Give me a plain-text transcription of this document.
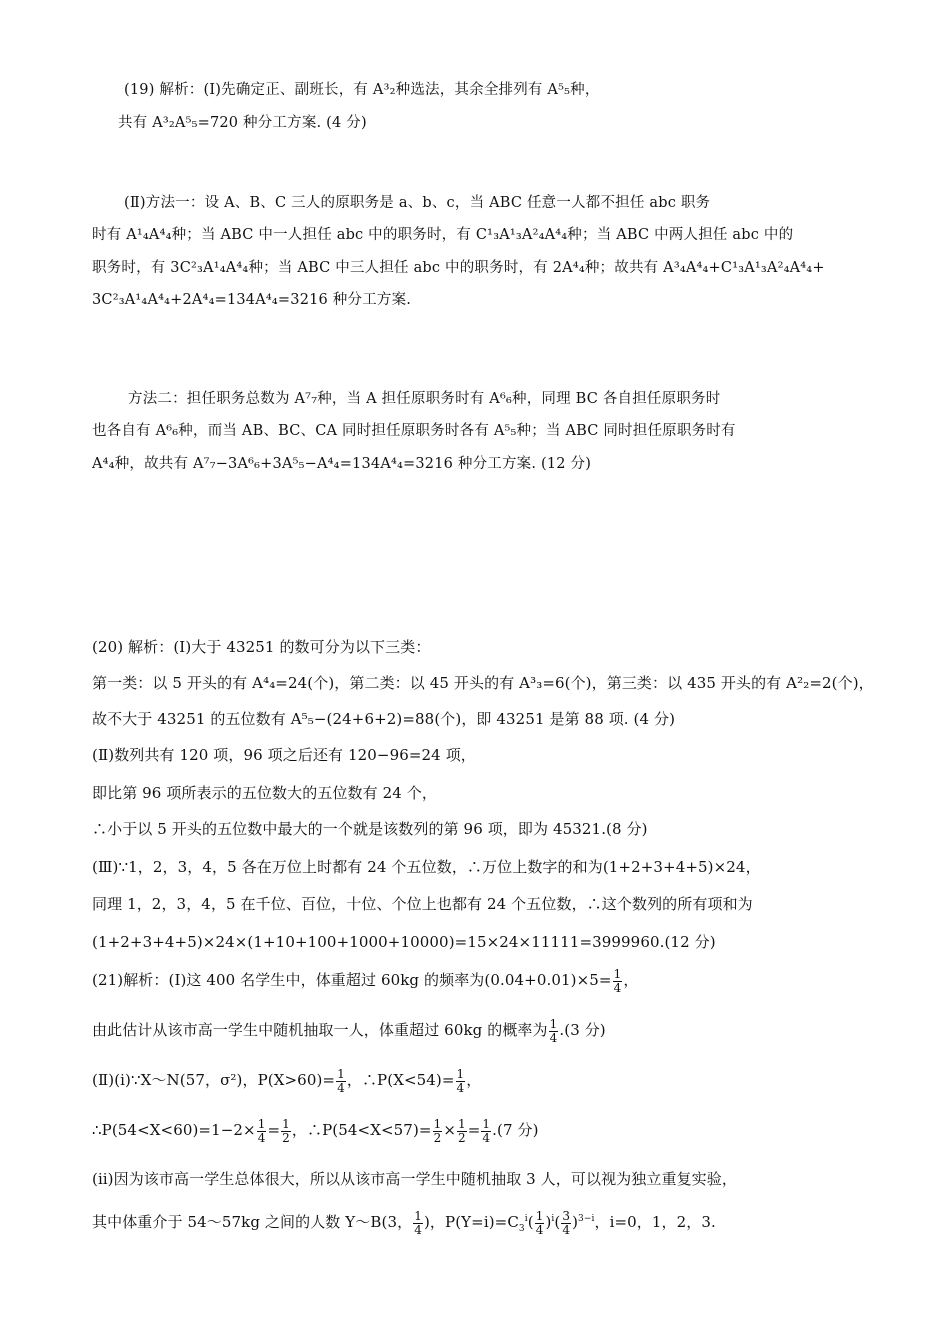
(19) 解析：(Ⅰ)先确定正、副班长，有 A³₂种选法，其余全排列有 A⁵₅种，
共有 A³₂A⁵₅=720 种分工方案. (4 分)
(Ⅱ)方法一：设 A、B、C 三人的原职务是 a、b、c，当 ABC 任意一人都不担任 abc 职务
时有 A¹₄A⁴₄种；当 ABC 中一人担任 abc 中的职务时，有 C¹₃A¹₃A²₄A⁴₄种；当 ABC 中两人担任 abc 中的
职务时，有 3C²₃A¹₄A⁴₄种；当 ABC 中三人担任 abc 中的职务时，有 2A⁴₄种；故共有 A³₄A⁴₄+C¹₃A¹₃A²₄A⁴₄+
3C²₃A¹₄A⁴₄+2A⁴₄=134A⁴₄=3216 种分工方案.
方法二：担任职务总数为 A⁷₇种，当 A 担任原职务时有 A⁶₆种，同理 BC 各自担任原职务时
也各自有 A⁶₆种，而当 AB、BC、CA 同时担任原职务时各有 A⁵₅种；当 ABC 同时担任原职务时有
A⁴₄种，故共有 A⁷₇−3A⁶₆+3A⁵₅−A⁴₄=134A⁴₄=3216 种分工方案. (12 分)
(20) 解析：(Ⅰ)大于 43251 的数可分为以下三类：
第一类：以 5 开头的有 A⁴₄=24(个)，第二类：以 45 开头的有 A³₃=6(个)，第三类：以 435 开头的有 A²₂=2(个)，
故不大于 43251 的五位数有 A⁵₅−(24+6+2)=88(个)，即 43251 是第 88 项. (4 分)
(Ⅱ)数列共有 120 项，96 项之后还有 120−96=24 项，
即比第 96 项所表示的五位数大的五位数有 24 个，
∴小于以 5 开头的五位数中最大的一个就是该数列的第 96 项，即为 45321.(8 分)
(Ⅲ)∵1，2，3，4，5 各在万位上时都有 24 个五位数，∴万位上数字的和为(1+2+3+4+5)×24，
同理 1，2，3，4，5 在千位、百位，十位、个位上也都有 24 个五位数，∴这个数列的所有项和为
(1+2+3+4+5)×24×(1+10+100+1000+10000)=15×24×11111=3999960.(12 分)
(21)解析：(Ⅰ)这 400 名学生中，体重超过 60kg 的频率为$(0.04+0.01)\times 5= \frac{1}{4}$ ，
由此估计从该市高一学生中随机抽取一人，体重超过 60kg 的概率为 $\frac{1}{4} .(3$ 分)
(Ⅱ)(ⅰ)∵X～N(57，σ²)，$P(X>60)= \frac{1}{4}$ ，∴P(X<54)= $\frac{1}{4}$ ，
∴P(54<X<60)=1−2× $\frac{1}{4} = \frac{1}{2}$ ，∴P(54<X<57)= $\frac{1}{2} \times \frac{1}{2} = \frac{1}{4} .(7$ 分)
(ⅱ)因为该市高一学生总体很大，所以从该市高一学生中随机抽取 3 人，可以视为独立重复实验，
其中体重介于 54～57kg 之间的人数 Y～B(3， $\frac{1}{4}$ )，$P(Y=i)=C_3^i( \frac{1}{4} )^i( \frac{3}{4} )^{3-i}$，i=0，1，2，3.
